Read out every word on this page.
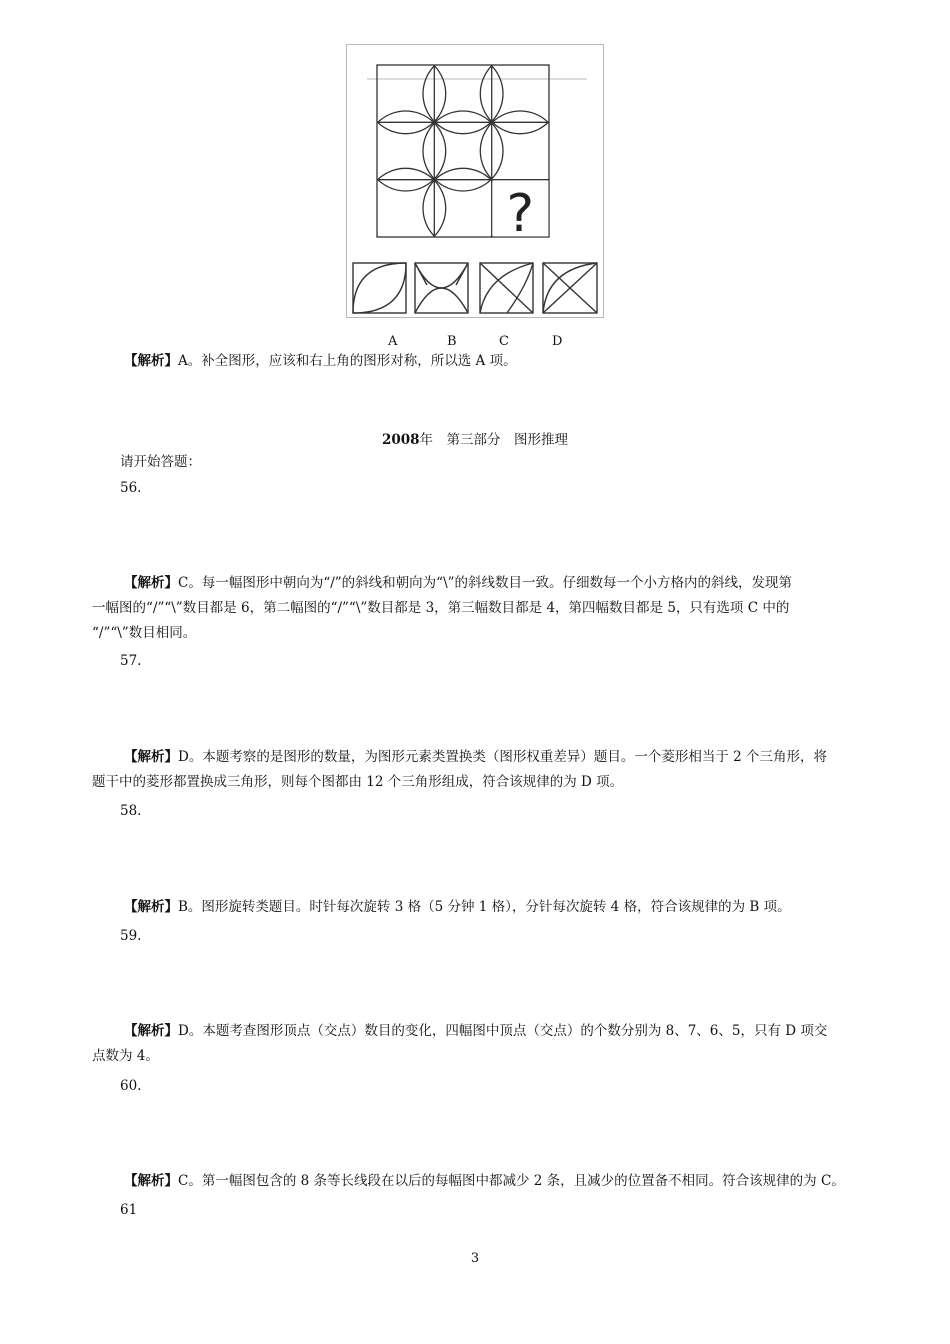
?
A	B	C	D
【解析】A。补全图形，应该和右上角的图形对称，所以选 A 项。
2008年　 第三部分　 图形推理
请开始答题：
56.
【解析】C。每一幅图形中朝向为“/”的斜线和朝向为“\”的斜线数目一致。仔细数每一个小方格内的斜线，发现第
一幅图的“/”“\”数目都是 6，第二幅图的“/”“\”数目都是 3，第三幅数目都是 4，第四幅数目都是 5，只有选项 C 中的
“/”“\”数目相同。
57.
【解析】D。本题考察的是图形的数量，为图形元素类置换类（图形权重差异）题目。一个菱形相当于 2 个三角形，将
题干中的菱形都置换成三角形，则每个图都由 12 个三角形组成，符合该规律的为 D 项。
58.
【解析】B。图形旋转类题目。时针每次旋转 3 格（5 分钟 1 格），分针每次旋转 4 格，符合该规律的为 B 项。
59.
【解析】D。本题考查图形顶点（交点）数目的变化，四幅图中顶点（交点）的个数分别为 8、7、6、5，只有 D 项交
点数为 4。
60.
【解析】C。第一幅图包含的 8 条等长线段在以后的每幅图中都减少 2 条，且减少的位置备不相同。符合该规律的为 C。
61
3
